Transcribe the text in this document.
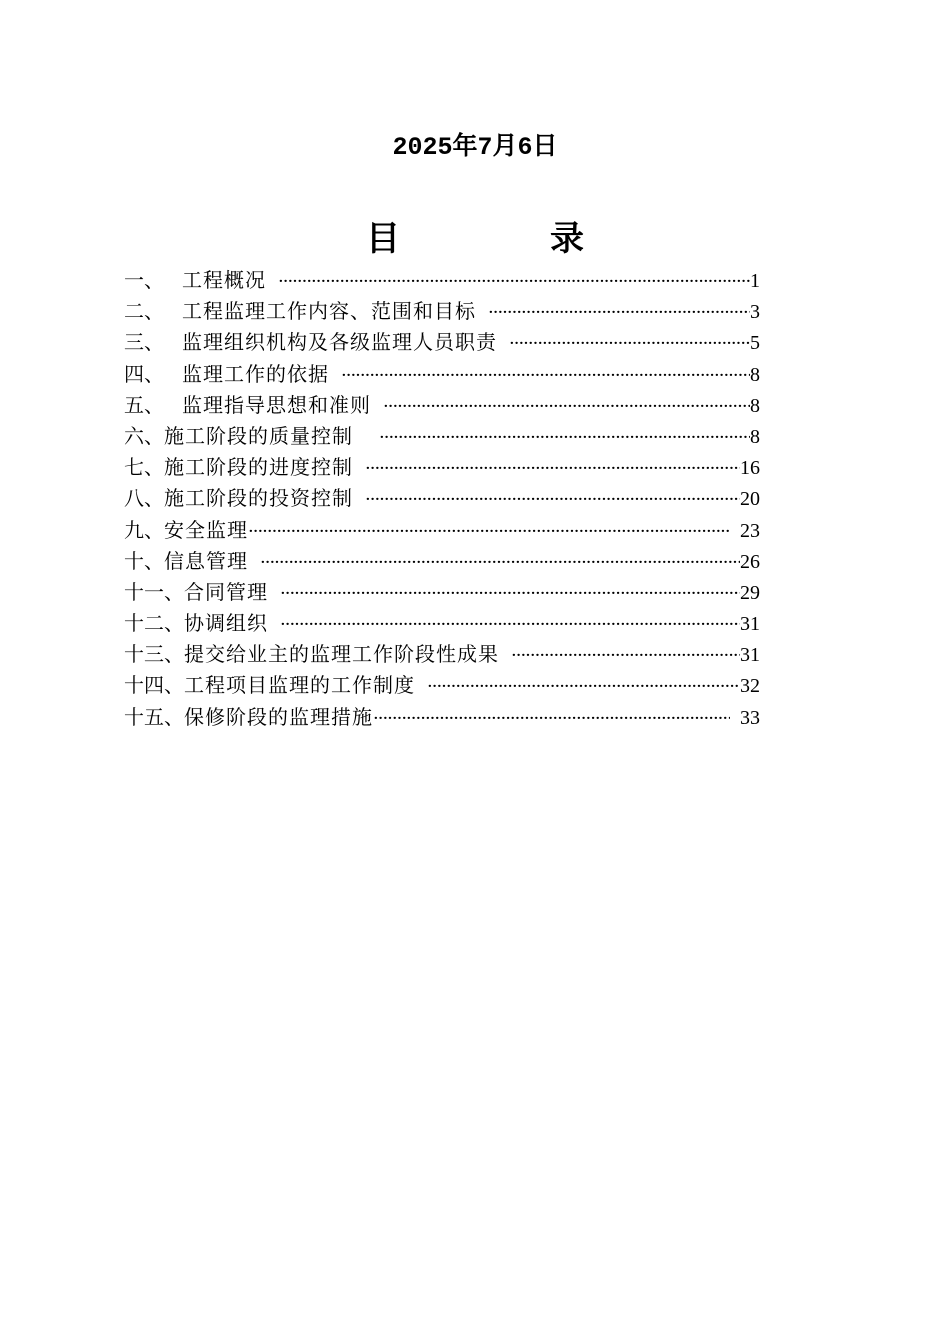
2025年7月6日
目	录
一、 工程概况 ·····	1
二、 工程监理工作内容、范围和目标 ·····	3
三、 监理组织机构及各级监理人员职责 ·····	5
四、 监理工作的依据 ·····	8
五、 监理指导思想和准则 ·····	8
六、 施工阶段的质量控制 ·····	8
七、 施工阶段的进度控制 ·····	16
八、 施工阶段的投资控制 ·····	20
九、 安全监理 ·····	23
十、 信息管理 ·····	26
十一、 合同管理 ·····	29
十二、 协调组织 ·····	31
十三、 提交给业主的监理工作阶段性成果 ·····	31
十四、 工程项目监理的工作制度 ·····	32
十五、 保修阶段的监理措施 ·····	33
